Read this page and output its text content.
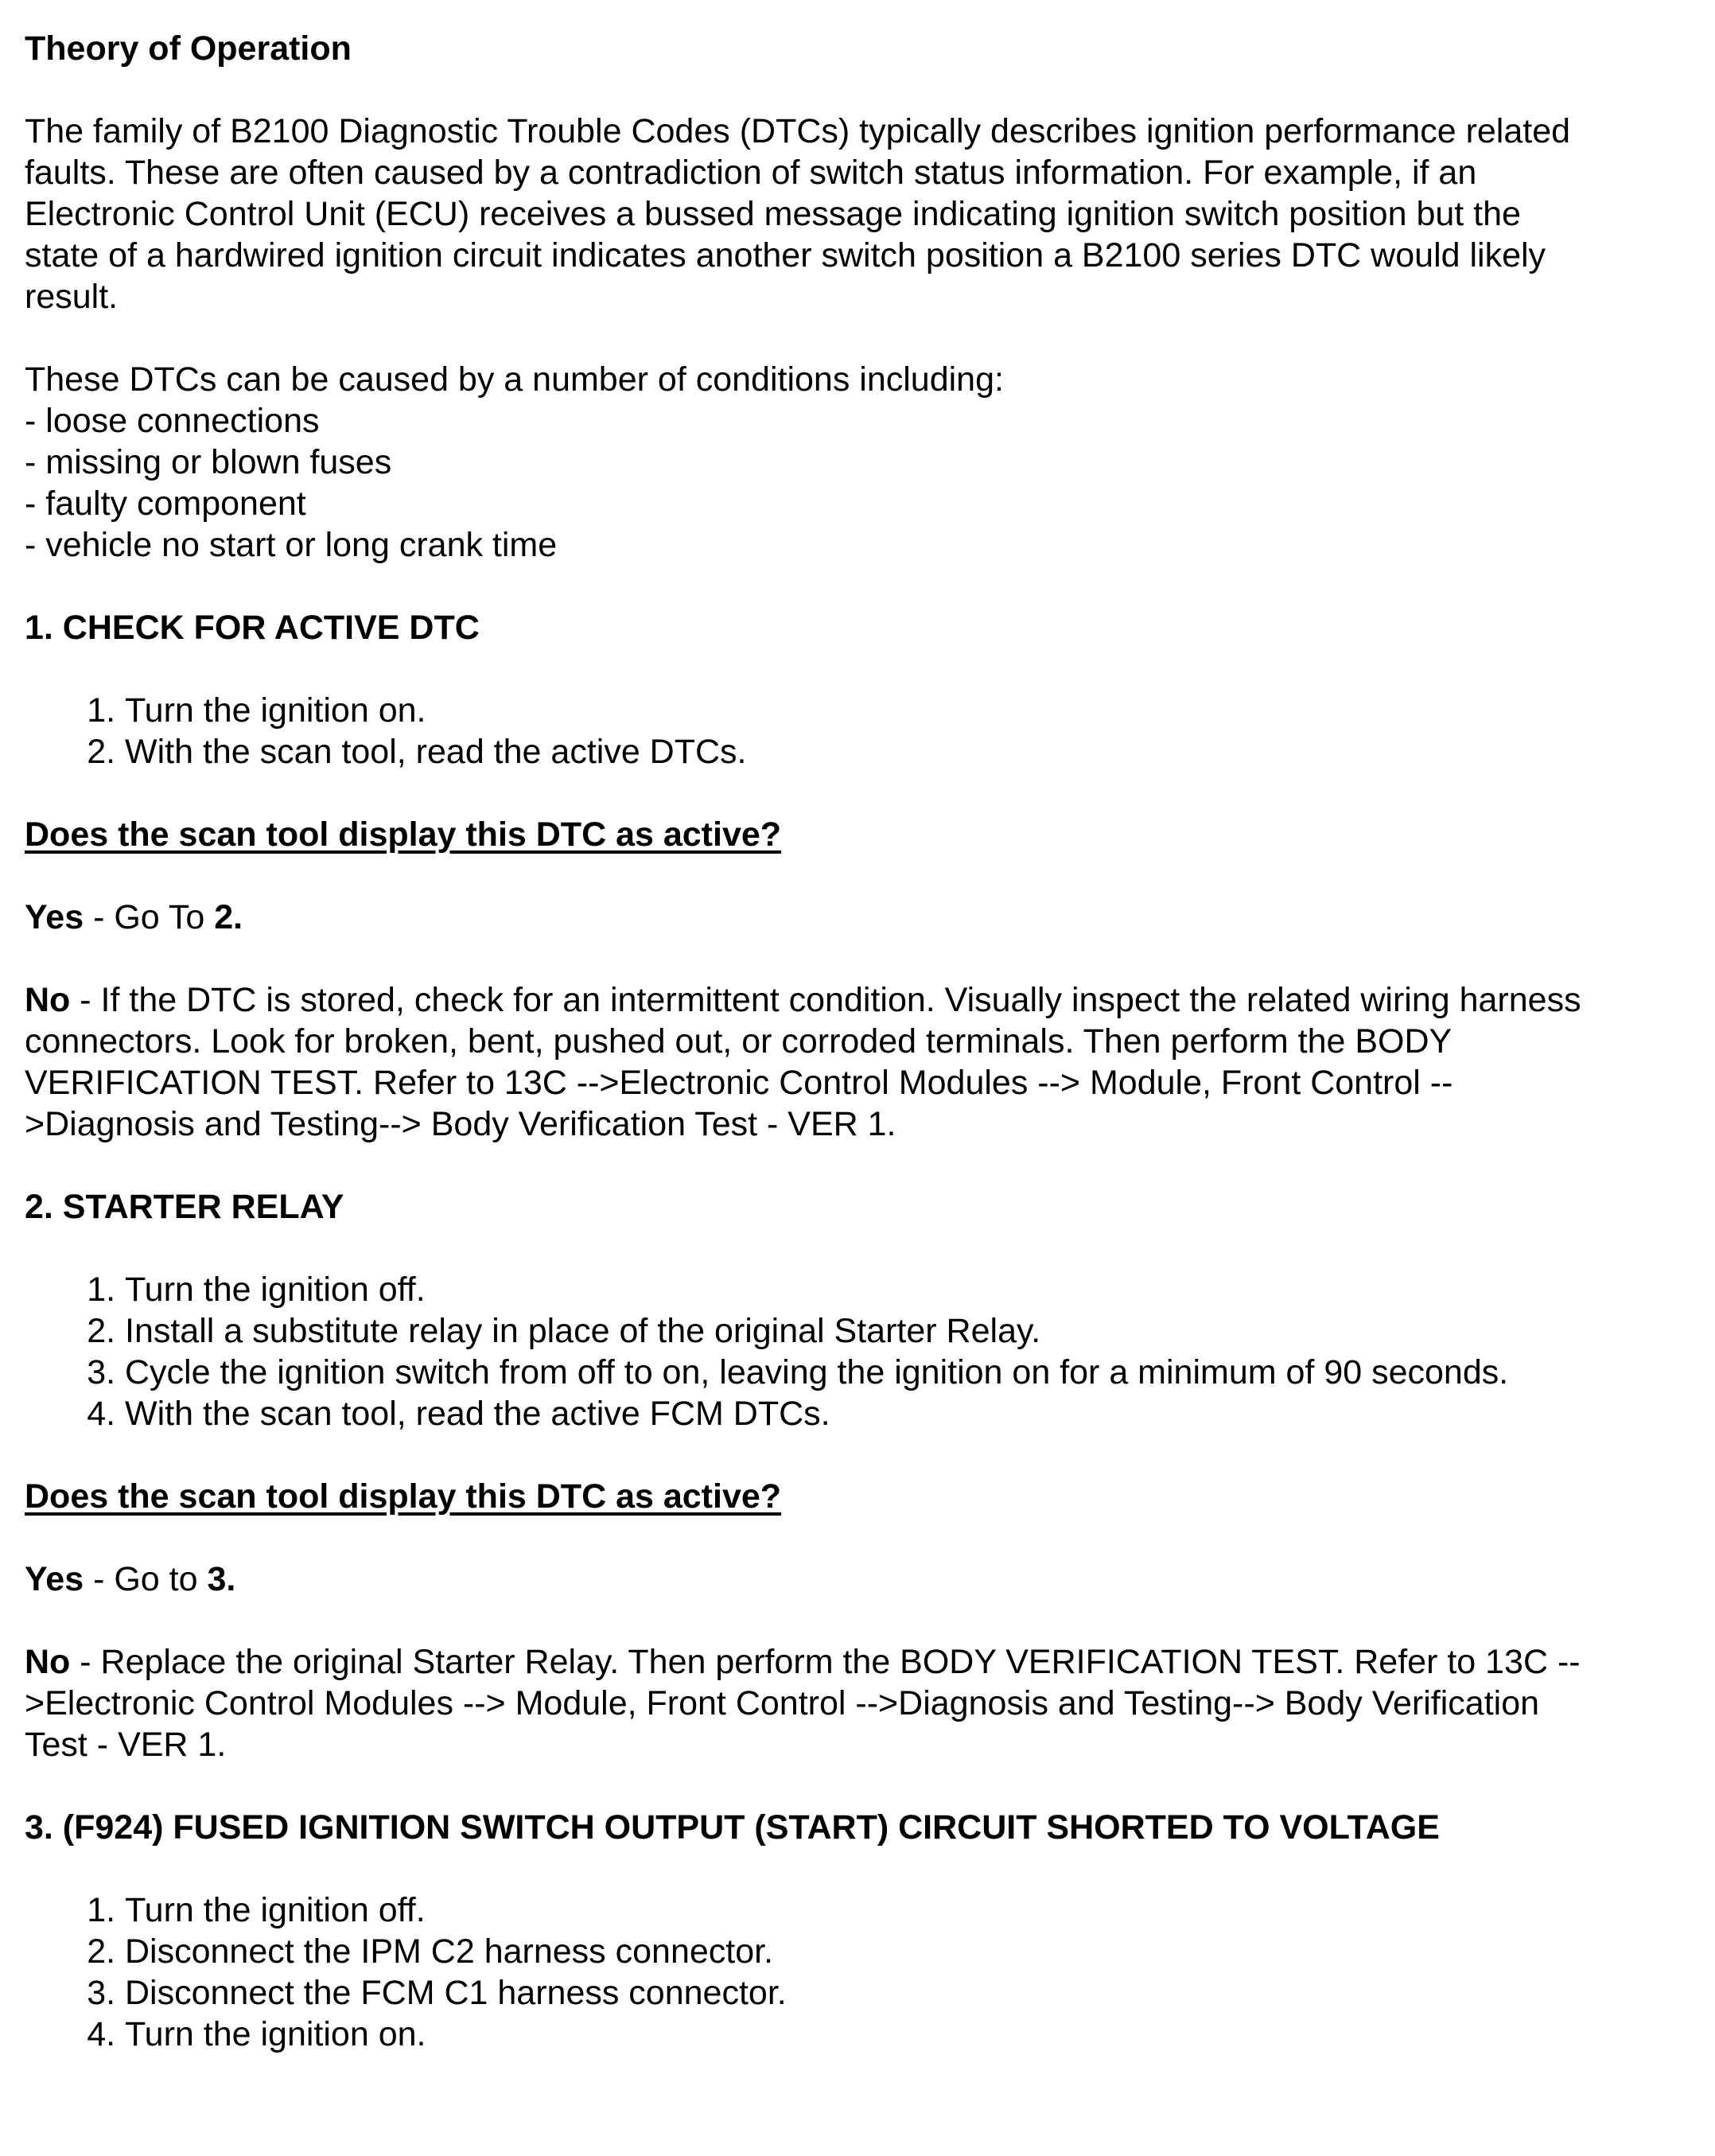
Theory of Operation
The family of B2100 Diagnostic Trouble Codes (DTCs) typically describes ignition performance related
faults. These are often caused by a contradiction of switch status information. For example, if an
Electronic Control Unit (ECU) receives a bussed message indicating ignition switch position but the
state of a hardwired ignition circuit indicates another switch position a B2100 series DTC would likely
result.
These DTCs can be caused by a number of conditions including:
- loose connections
- missing or blown fuses
- faulty component
- vehicle no start or long crank time
1. CHECK FOR ACTIVE DTC
1. Turn the ignition on.
2. With the scan tool, read the active DTCs.
Does the scan tool display this DTC as active?
Yes - Go To 2.
No - If the DTC is stored, check for an intermittent condition. Visually inspect the related wiring harness
connectors. Look for broken, bent, pushed out, or corroded terminals. Then perform the BODY
VERIFICATION TEST. Refer to 13C -->Electronic Control Modules --> Module, Front Control --
>Diagnosis and Testing--> Body Verification Test - VER 1.
2. STARTER RELAY
1. Turn the ignition off.
2. Install a substitute relay in place of the original Starter Relay.
3. Cycle the ignition switch from off to on, leaving the ignition on for a minimum of 90 seconds.
4. With the scan tool, read the active FCM DTCs.
Does the scan tool display this DTC as active?
Yes - Go to 3.
No - Replace the original Starter Relay. Then perform the BODY VERIFICATION TEST. Refer to 13C --
>Electronic Control Modules --> Module, Front Control -->Diagnosis and Testing--> Body Verification
Test - VER 1.
3. (F924) FUSED IGNITION SWITCH OUTPUT (START) CIRCUIT SHORTED TO VOLTAGE
1. Turn the ignition off.
2. Disconnect the IPM C2 harness connector.
3. Disconnect the FCM C1 harness connector.
4. Turn the ignition on.
